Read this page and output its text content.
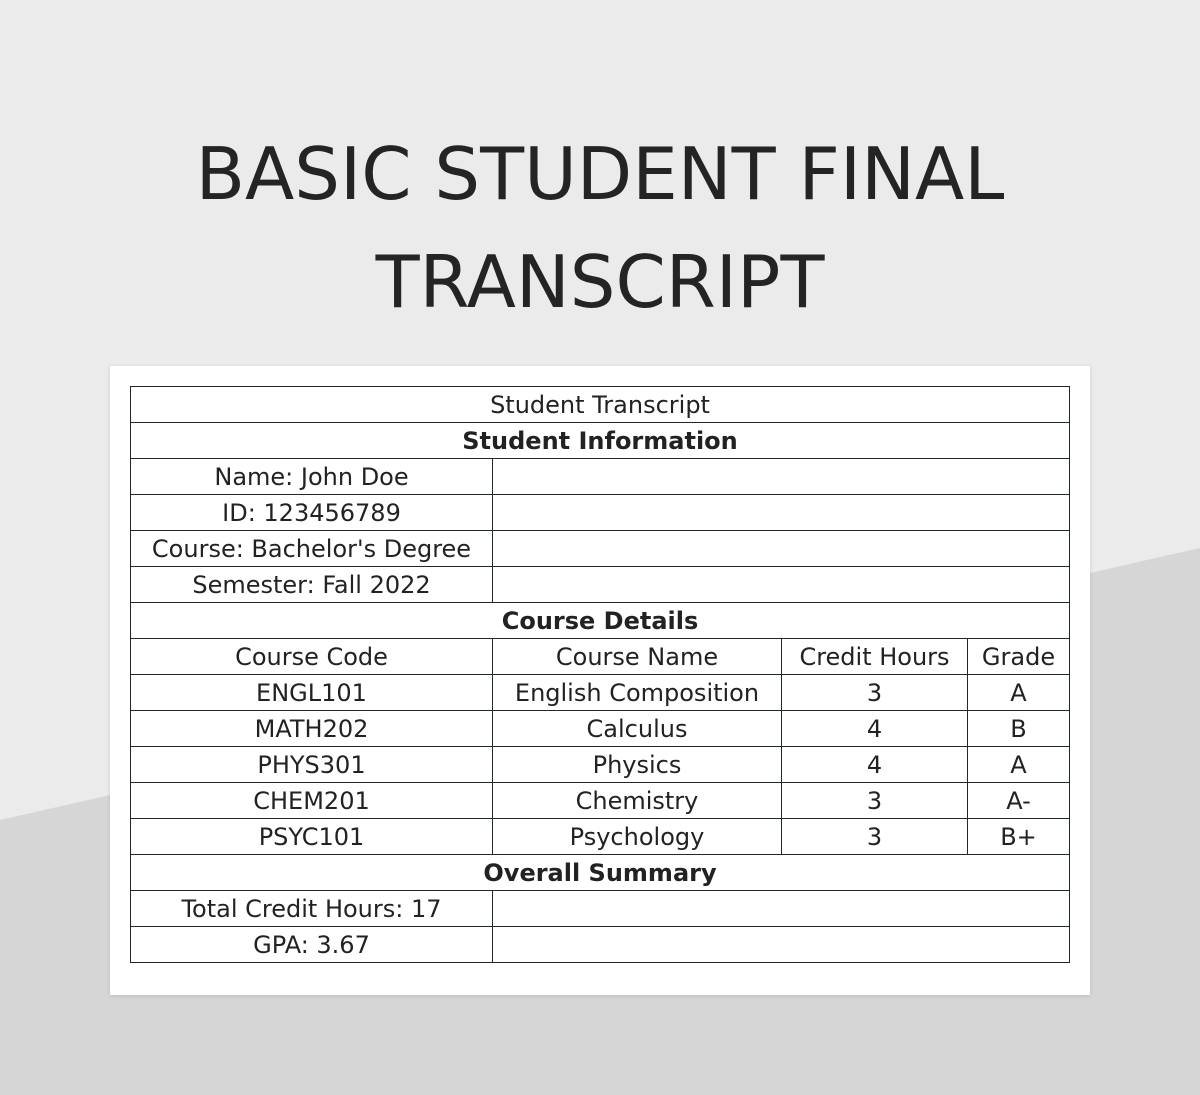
BASIC STUDENT FINAL
TRANSCRIPT
Student Transcript			
Student Information			
Name: John Doe			
ID: 123456789			
Course: Bachelor's Degree			
Semester: Fall 2022			
Course Details			
Course Code	Course Name	Credit Hours	Grade
ENGL101	English Composition	3	A
MATH202	Calculus	4	B
PHYS301	Physics	4	A
CHEM201	Chemistry	3	A-
PSYC101	Psychology	3	B+
Overall Summary			
Total Credit Hours: 17			
GPA: 3.67			
